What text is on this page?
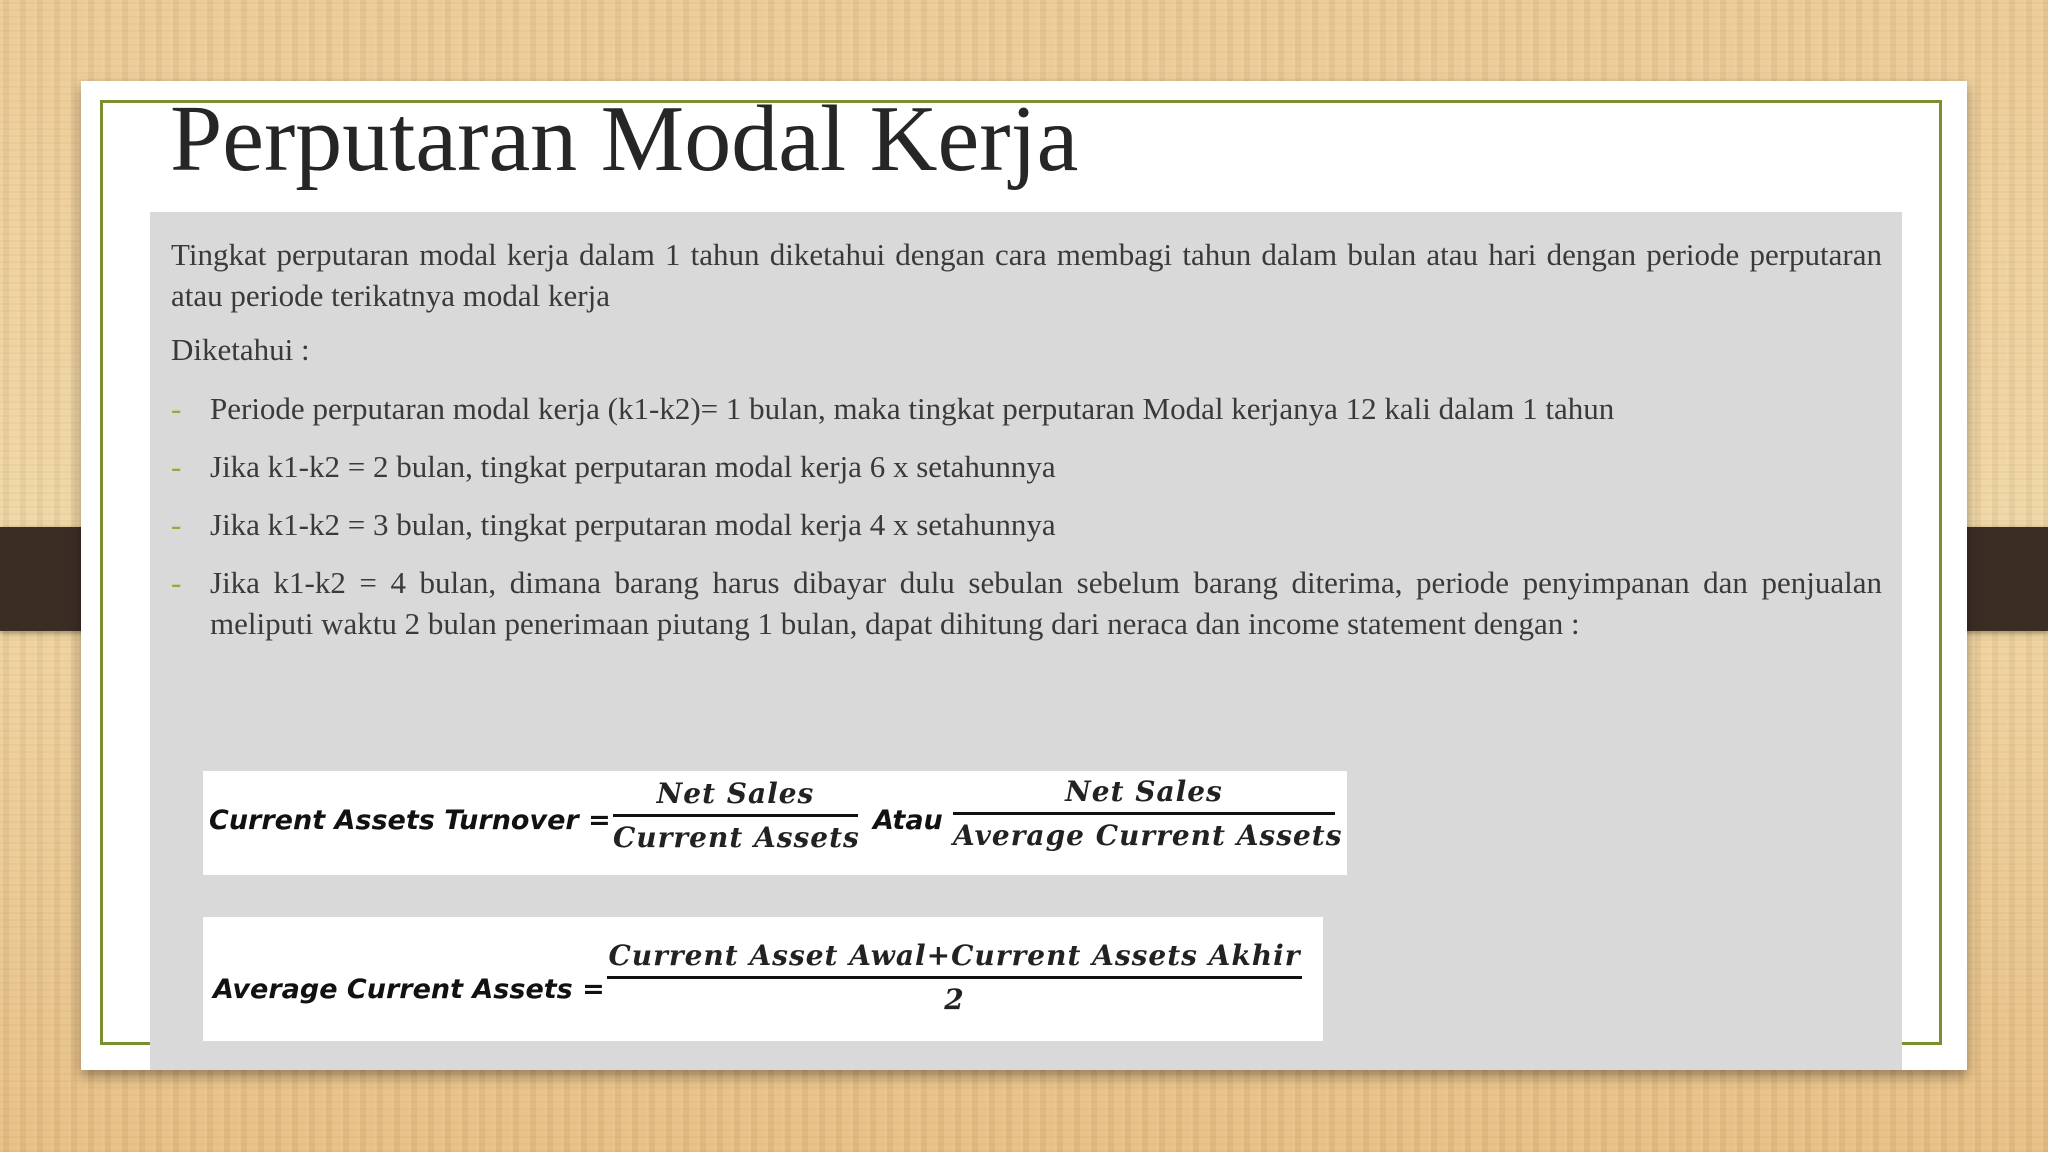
Perputaran Modal Kerja

Tingkat perputaran modal kerja dalam 1 tahun diketahui dengan cara membagi tahun dalam bulan atau hari dengan periode perputaran atau periode terikatnya modal kerja

Diketahui :

- Periode perputaran modal kerja (k1-k2)= 1 bulan, maka tingkat perputaran Modal kerjanya 12 kali dalam 1 tahun
- Jika k1-k2 = 2 bulan, tingkat perputaran modal kerja 6 x setahunnya
- Jika k1-k2 = 3 bulan, tingkat perputaran modal kerja 4 x setahunnya
- Jika k1-k2 = 4 bulan, dimana barang harus dibayar dulu sebulan sebelum barang diterima, periode penyimpanan dan penjualan meliputi waktu 2 bulan penerimaan piutang 1 bulan, dapat dihitung dari neraca dan income statement dengan :
Current Assets Turnover =
Net Sales
Current Assets
Atau
Net Sales
Average Current Assets
Average Current Assets =
Current Asset Awal+Current Assets Akhir
2
